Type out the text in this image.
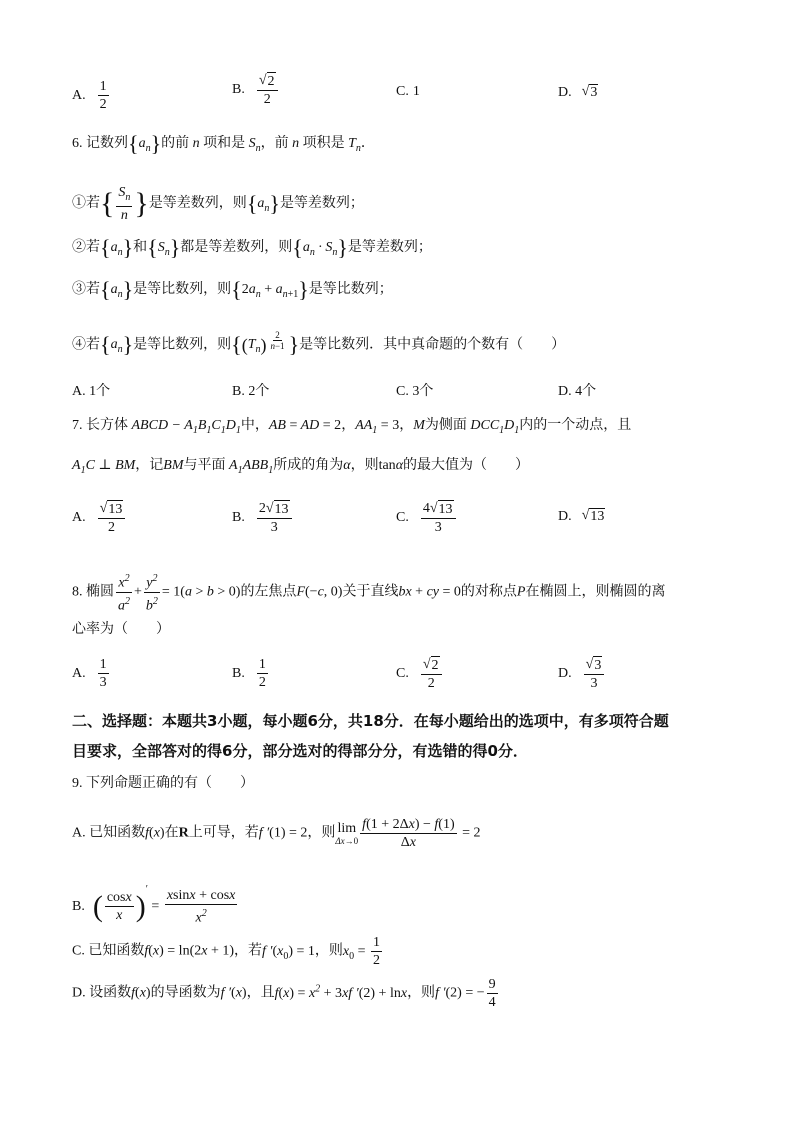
A. $\frac{1}{2}$	B. $\frac{√ 2}{2}$	C. 1	D. √ 3
6. 记数列$\{a_n\}$的前 n 项和是 $S_n$，前 n 项积是 $T_n$．
①若{ $\frac{S_n}{n}$ }是等差数列，则$\{a_n\}$是等差数列；
②若$\{a_n\}$和$\{S_n\}$都是等差数列，则$\{a_n \cdot S_n\}$是等差数列；
③若$\{a_n\}$是等比数列，则$\{2a_n + a_{n+1}\}$是等比数列；
④若$\{a_n\}$是等比数列，则{$(T_n)$ $^{\frac{2}{n-1}}$ }是等比数列．其中真命题的个数有（　　）
A. 1个	B. 2个	C. 3个	D. 4个
7. 长方体 ABCD − $A_1B_1C_1D_1$中，AB = AD = 2，$AA_1 = 3$，M为侧面 $DCC_1D_1$内的一个动点，且
$A_1C$ ⊥ BM，记BM与平面 $A_1ABB_1$所成的角为α，则tanα的最大值为（　　）
A. $\frac{√ 13}{2}$	B. $\frac{2 √ 13}{3}$	C. $\frac{4 √ 13}{3}$	D. √ 13
8. 椭圆 $\frac{x^2}{a^2} + \frac{y^2}{b^2} = 1(a > b > 0)$的左焦点F(−c, 0)关于直线bx + cy = 0的对称点P在椭圆上，则椭圆的离
心率为（　　）
A. $\frac{1}{3}$	B. $\frac{1}{2}$	C. $\frac{√ 2}{2}$	D. $\frac{√ 3}{3}$
二、选择题：本题共3小题，每小题6分，共18分．在每小题给出的选项中，有多项符合题
目要求，全部答对的得6分，部分选对的得部分分，有选错的得0分．
9. 下列命题正确的有（　　）
A. 已知函数f(x)在R上可导，若f ′(1) = 2，则 lim
$\Delta x\to 0 \frac{f(1 + 2\Delta x) - f(1)}{\Delta x} = 2$
B. ( $\frac{\cos x}{x} )' = \frac{xsinx + \cos x}{x^2}$
C. 已知函数f(x) = ln(2x + 1)，若f $'(x_0) = 1$，则$x_0 = \frac{1}{2}$
D. 设函数f(x)的导函数为f ′(x)，且$f(x) = x^2 + 3xf$ ′(2) + lnx，则f ′(2) = − $\frac{9}{4}$
